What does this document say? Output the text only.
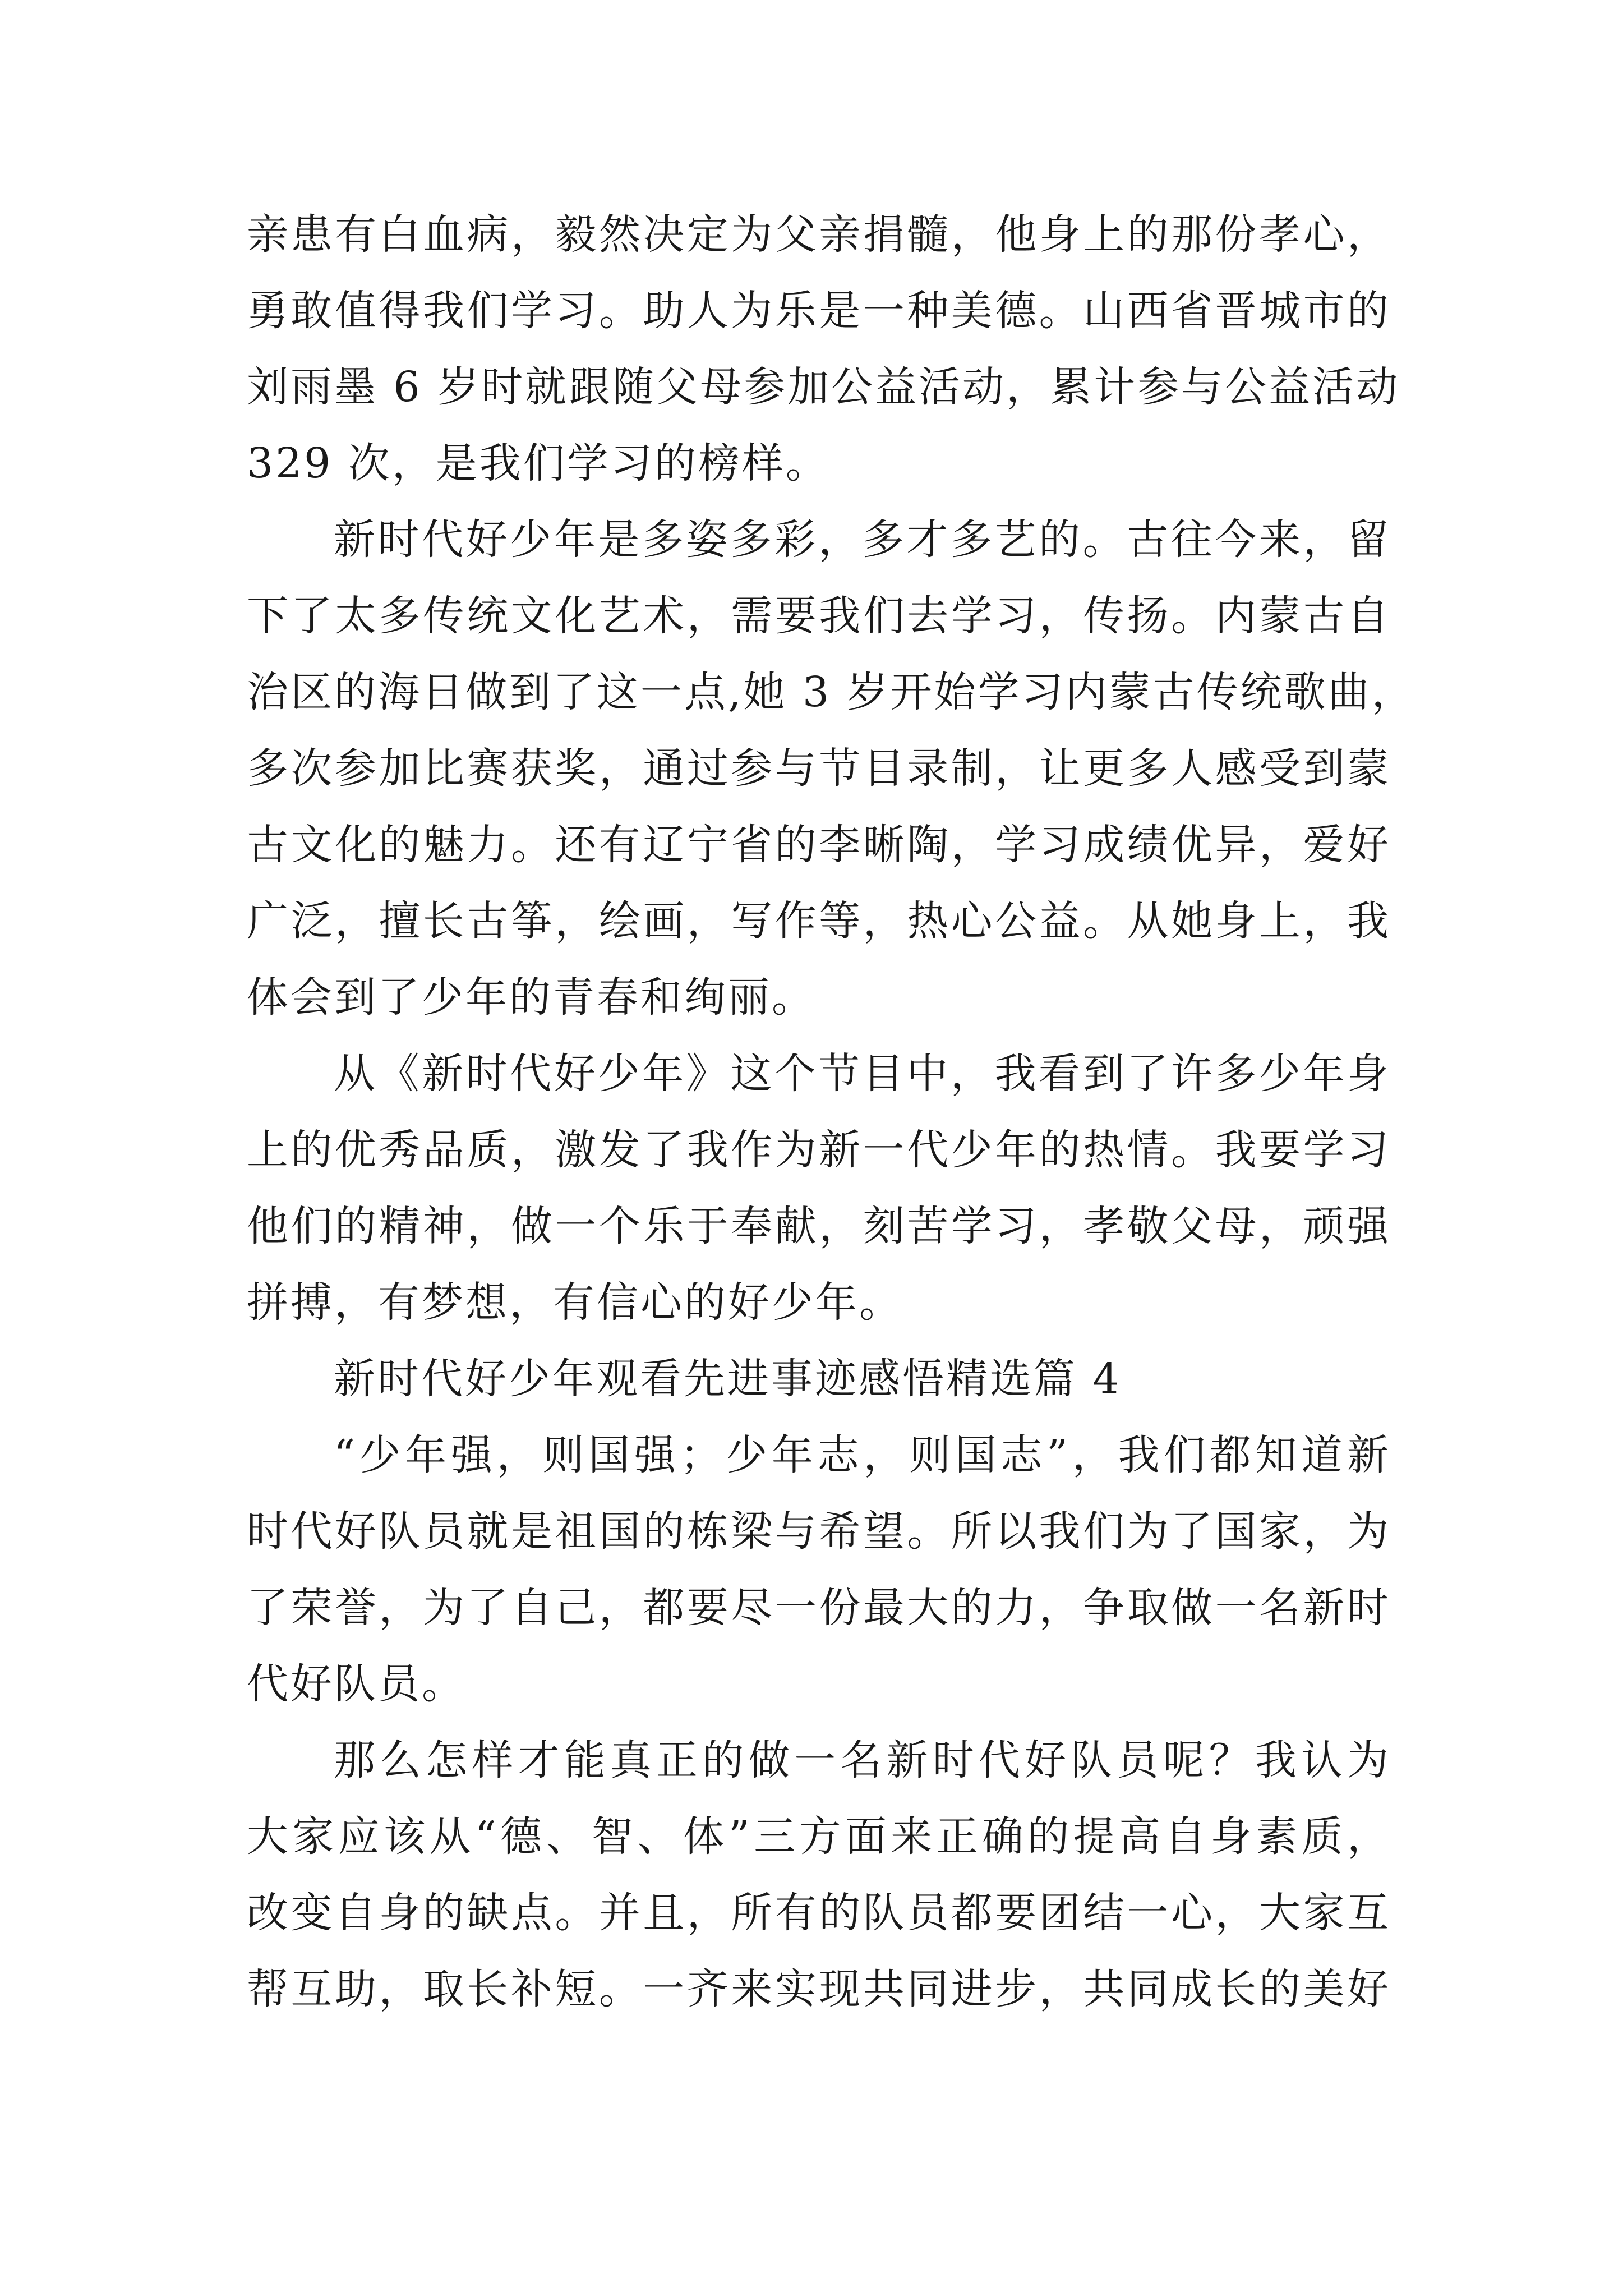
亲患有白血病，毅然决定为父亲捐髓，他身上的那份孝心，
勇敢值得我们学习。助人为乐是一种美德。山西省晋城市的
刘雨墨 6 岁时就跟随父母参加公益活动，累计参与公益活动
329 次，是我们学习的榜样。
新时代好少年是多姿多彩，多才多艺的。古往今来，留
下了太多传统文化艺术，需要我们去学习，传扬。内蒙古自
治区的海日做到了这一点,她 3 岁开始学习内蒙古传统歌曲，
多次参加比赛获奖，通过参与节目录制，让更多人感受到蒙
古文化的魅力。还有辽宁省的李晰陶，学习成绩优异，爱好
广泛，擅长古筝，绘画，写作等，热心公益。从她身上，我
体会到了少年的青春和绚丽。
从《新时代好少年》这个节目中，我看到了许多少年身
上的优秀品质，激发了我作为新一代少年的热情。我要学习
他们的精神，做一个乐于奉献，刻苦学习，孝敬父母，顽强
拼搏，有梦想，有信心的好少年。
新时代好少年观看先进事迹感悟精选篇 4
“少年强，则国强；少年志，则国志”，我们都知道新
时代好队员就是祖国的栋梁与希望。所以我们为了国家，为
了荣誉，为了自己，都要尽一份最大的力，争取做一名新时
代好队员。
那么怎样才能真正的做一名新时代好队员呢？我认为
大家应该从“德、智、体”三方面来正确的提高自身素质，
改变自身的缺点。并且，所有的队员都要团结一心，大家互
帮互助，取长补短。一齐来实现共同进步，共同成长的美好
